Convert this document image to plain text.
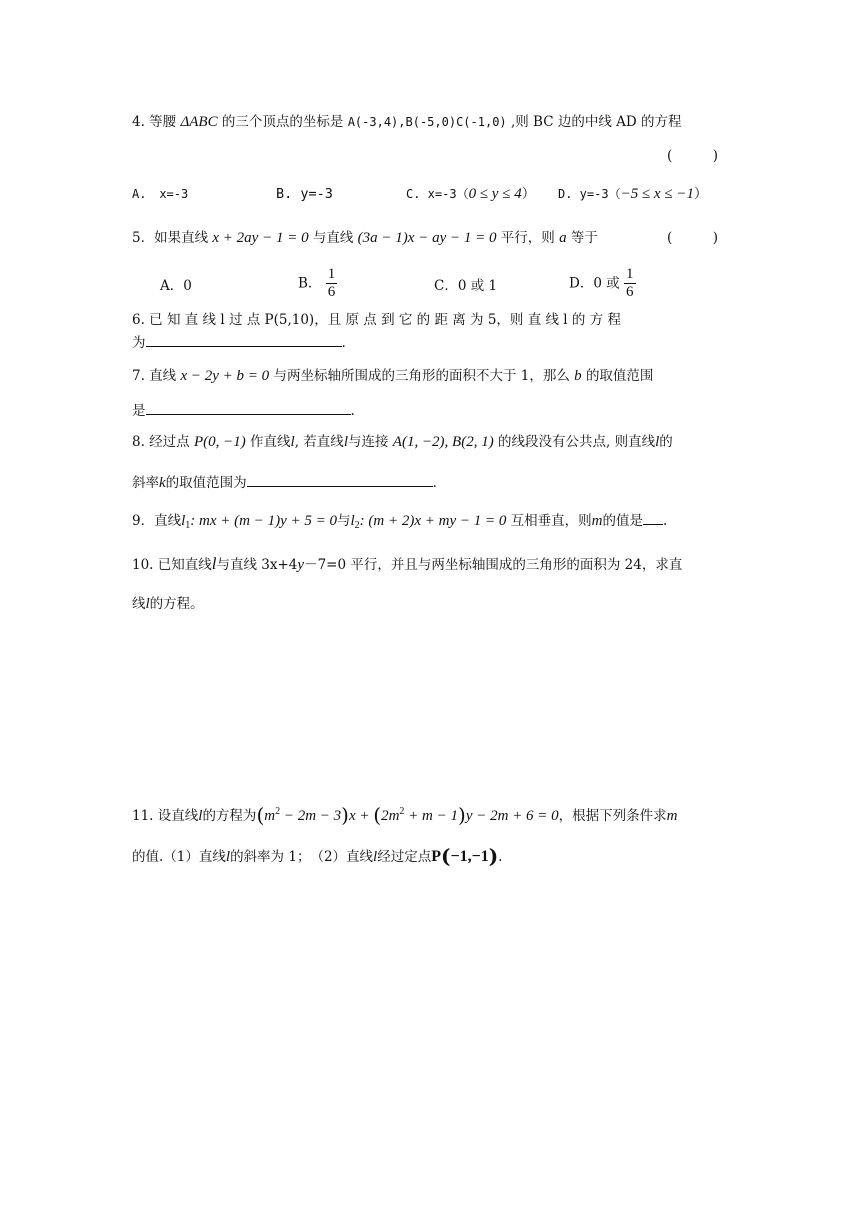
4. 等腰 ΔABC 的三个顶点的坐标是 A(-3,4),B(-5,0)C(-1,0) ,则 BC 边的中线 AD 的方程
(　　　)
A. x=-3	B. y=-3	C. x=-3（0 ≤ y ≤ 4） D. y=-3（−5 ≤ x ≤ −1）
5．如果直线 x + 2ay − 1 = 0 与直线 (3a − 1)x − ay − 1 = 0 平行，则 a 等于	(　　　)
A．0	B． $\frac{1}{6}$	C．0 或 1	D．0 或 $\frac{1}{6}$
6. 已 知 直 线 l 过 点 P(5,10)，且 原 点 到 它 的 距 离 为 5，则 直 线 l 的 方 程
为	.
7. 直线 x − 2y + b = 0 与两坐标轴所围成的三角形的面积不大于 1，那么 b 的取值范围
是	.
8. 经过点 P(0, −1) 作直线l, 若直线l与连接 A(1, −2), B(2, 1) 的线段没有公共点, 则直线l的
斜率k的取值范围为	.
9．直线$l_1$: mx + (m − 1)y + 5 = 0与$l_2$: (m + 2)x + my − 1 = 0 互相垂直，则m的值是 .
10. 已知直线l与直线 3x+4y－7=0 平行，并且与两坐标轴围成的三角形的面积为 24，求直
线l的方程。
11. 设直线l的方程为$(m^2 - 2m - 3)x + (2m^2 + m - 1)y - 2m + 6 = 0$，根据下列条件求m
的值.（1）直线l的斜率为 1；　（2）直线l经过定点P(−1,−1).
